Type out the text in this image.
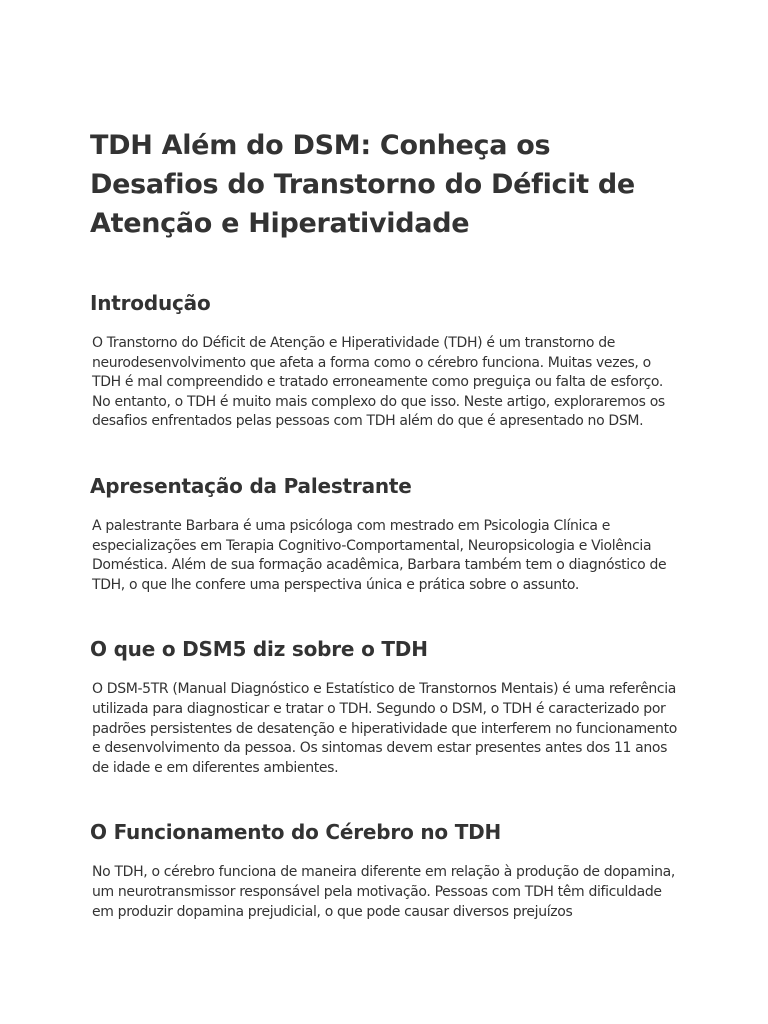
TDH Além do DSM: Conheça os Desafios do Transtorno do Déficit de Atenção e Hiperatividade
Introdução

O Transtorno do Déficit de Atenção e Hiperatividade (TDH) é um transtorno de neurodesenvolvimento que afeta a forma como o cérebro funciona. Muitas vezes, o TDH é mal compreendido e tratado erroneamente como preguiça ou falta de esforço. No entanto, o TDH é muito mais complexo do que isso. Neste artigo, exploraremos os desafios enfrentados pelas pessoas com TDH além do que é apresentado no DSM.

Apresentação da Palestrante

A palestrante Barbara é uma psicóloga com mestrado em Psicologia Clínica e especializações em Terapia Cognitivo-Comportamental, Neuropsicologia e Violência Doméstica. Além de sua formação acadêmica, Barbara também tem o diagnóstico de TDH, o que lhe confere uma perspectiva única e prática sobre o assunto.

O que o DSM5 diz sobre o TDH

O DSM-5TR (Manual Diagnóstico e Estatístico de Transtornos Mentais) é uma referência utilizada para diagnosticar e tratar o TDH. Segundo o DSM, o TDH é caracterizado por padrões persistentes de desatenção e hiperatividade que interferem no funcionamento e desenvolvimento da pessoa. Os sintomas devem estar presentes antes dos 11 anos de idade e em diferentes ambientes.

O Funcionamento do Cérebro no TDH

No TDH, o cérebro funciona de maneira diferente em relação à produção de dopamina, um neurotransmissor responsável pela motivação. Pessoas com TDH têm dificuldade em produzir dopamina prejudicial, o que pode causar diversos prejuízos
